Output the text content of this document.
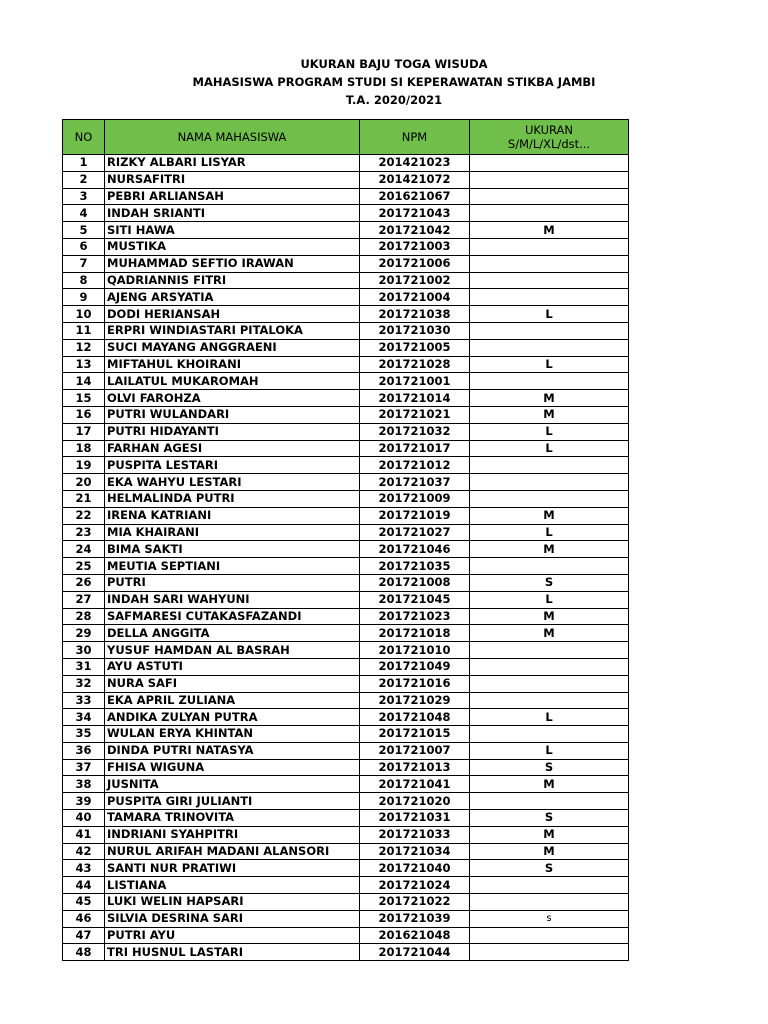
UKURAN BAJU TOGA WISUDA
MAHASISWA PROGRAM STUDI SI KEPERAWATAN STIKBA JAMBI
T.A. 2020/2021
NO	NAMA MAHASISWA	NPM	UKURAN
S/M/L/XL/dst...

1	RIZKY ALBARI LISYAR	201421023	
2	NURSAFITRI	201421072	
3	PEBRI ARLIANSAH	201621067	
4	INDAH SRIANTI	201721043	
5	SITI HAWA	201721042	M
6	MUSTIKA	201721003	
7	MUHAMMAD SEFTIO IRAWAN	201721006	
8	QADRIANNIS FITRI	201721002	
9	AJENG ARSYATIA	201721004	
10	DODI HERIANSAH	201721038	L
11	ERPRI WINDIASTARI PITALOKA	201721030	
12	SUCI MAYANG ANGGRAENI	201721005	
13	MIFTAHUL KHOIRANI	201721028	L
14	LAILATUL MUKAROMAH	201721001	
15	OLVI FAROHZA	201721014	M
16	PUTRI WULANDARI	201721021	M
17	PUTRI HIDAYANTI	201721032	L
18	FARHAN AGESI	201721017	L
19	PUSPITA LESTARI	201721012	
20	EKA WAHYU LESTARI	201721037	
21	HELMALINDA PUTRI	201721009	
22	IRENA KATRIANI	201721019	M
23	MIA KHAIRANI	201721027	L
24	BIMA SAKTI	201721046	M
25	MEUTIA SEPTIANI	201721035	
26	PUTRI	201721008	S
27	INDAH SARI WAHYUNI	201721045	L
28	SAFMARESI CUTAKASFAZANDI	201721023	M
29	DELLA ANGGITA	201721018	M
30	YUSUF HAMDAN AL BASRAH	201721010	
31	AYU ASTUTI	201721049	
32	NURA SAFI	201721016	
33	EKA APRIL ZULIANA	201721029	
34	ANDIKA ZULYAN PUTRA	201721048	L
35	WULAN ERYA KHINTAN	201721015	
36	DINDA PUTRI NATASYA	201721007	L
37	FHISA WIGUNA	201721013	S
38	JUSNITA	201721041	M
39	PUSPITA GIRI JULIANTI	201721020	
40	TAMARA TRINOVITA	201721031	S
41	INDRIANI SYAHPITRI	201721033	M
42	NURUL ARIFAH MADANI ALANSORI	201721034	M
43	SANTI NUR PRATIWI	201721040	S
44	LISTIANA	201721024	
45	LUKI WELIN HAPSARI	201721022	
46	SILVIA DESRINA SARI	201721039	s
47	PUTRI AYU	201621048	
48	TRI HUSNUL LASTARI	201721044	
